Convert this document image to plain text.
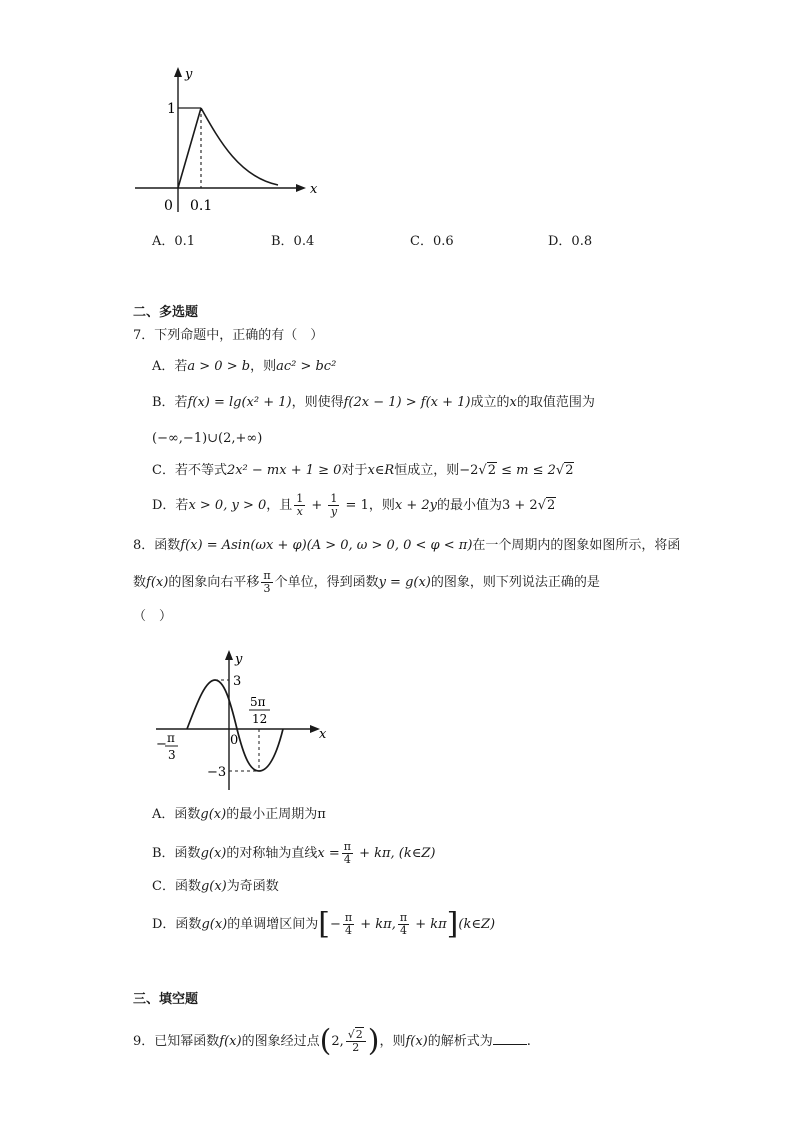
y
x
1
0 0.1
A．0.1	B．0.4	C．0.6	D．0.8
二、多选题
7．下列命题中，正确的有（　）
A．若a > 0 > b，则ac² > bc²
B．若f(x) = lg(x² + 1)，则使得f(2x − 1) > f(x + 1)成立的x的取值范围为
(−∞,−1)∪(2,+∞)
C．若不等式2x² − mx + 1 ≥ 0对于x∈R恒成立，则−2√2 ≤ m ≤ 2√2
D．若x > 0, y > 0，且 $\frac{1}{x} + \frac{1}{y} = 1$，则x + 2y的最小值为3 + 2√2
8．函数f(x) = Asin(ωx + φ)(A > 0, ω > 0, 0 < φ < π)在一个周期内的图象如图所示，将函
数f(x)的图象向右平移 $\frac{\pi}{3}$ 个单位，得到函数y = g(x)的图象，则下列说法正确的是
（　）
y
x
3
−3
0
5π
12
− π
3
A．函数g(x)的最小正周期为π
B．函数g(x)的对称轴为直线$x = \frac{\pi}{4} + k\pi$, (k∈Z)
C．函数g(x)为奇函数
D．函数g(x)的单调增区间为[− $\frac{\pi}{4} + k\pi$, $\frac{\pi}{4}$ + kπ](k∈Z)
三、填空题
9．已知幂函数f(x)的图象经过点(2, $\frac{√2}{2}$ )，则f(x)的解析式为	.
